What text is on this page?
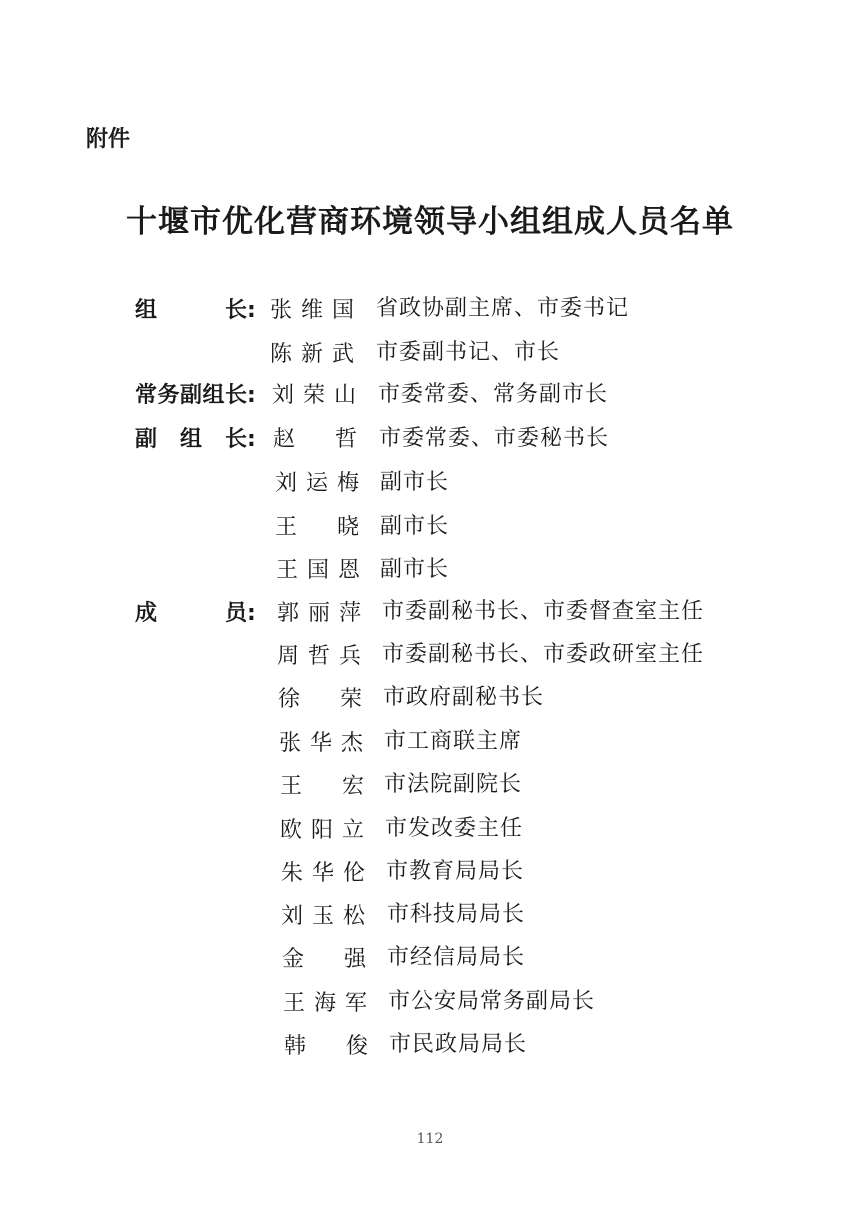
附件
十堰市优化营商环境领导小组组成人员名单
组长:
常务副组长:
副组长:
成员:
张维国 省政协副主席、市委书记
陈新武 市委副书记、市长
刘荣山 市委常委、常务副市长
赵哲 市委常委、市委秘书长
刘运梅 副市长
王晓 副市长
王国恩 副市长
郭丽萍 市委副秘书长、市委督查室主任
周哲兵 市委副秘书长、市委政研室主任
徐荣 市政府副秘书长
张华杰 市工商联主席
王宏 市法院副院长
欧阳立 市发改委主任
朱华伦 市教育局局长
刘玉松 市科技局局长
金强 市经信局局长
王海军 市公安局常务副局长
韩俊 市民政局局长
112
